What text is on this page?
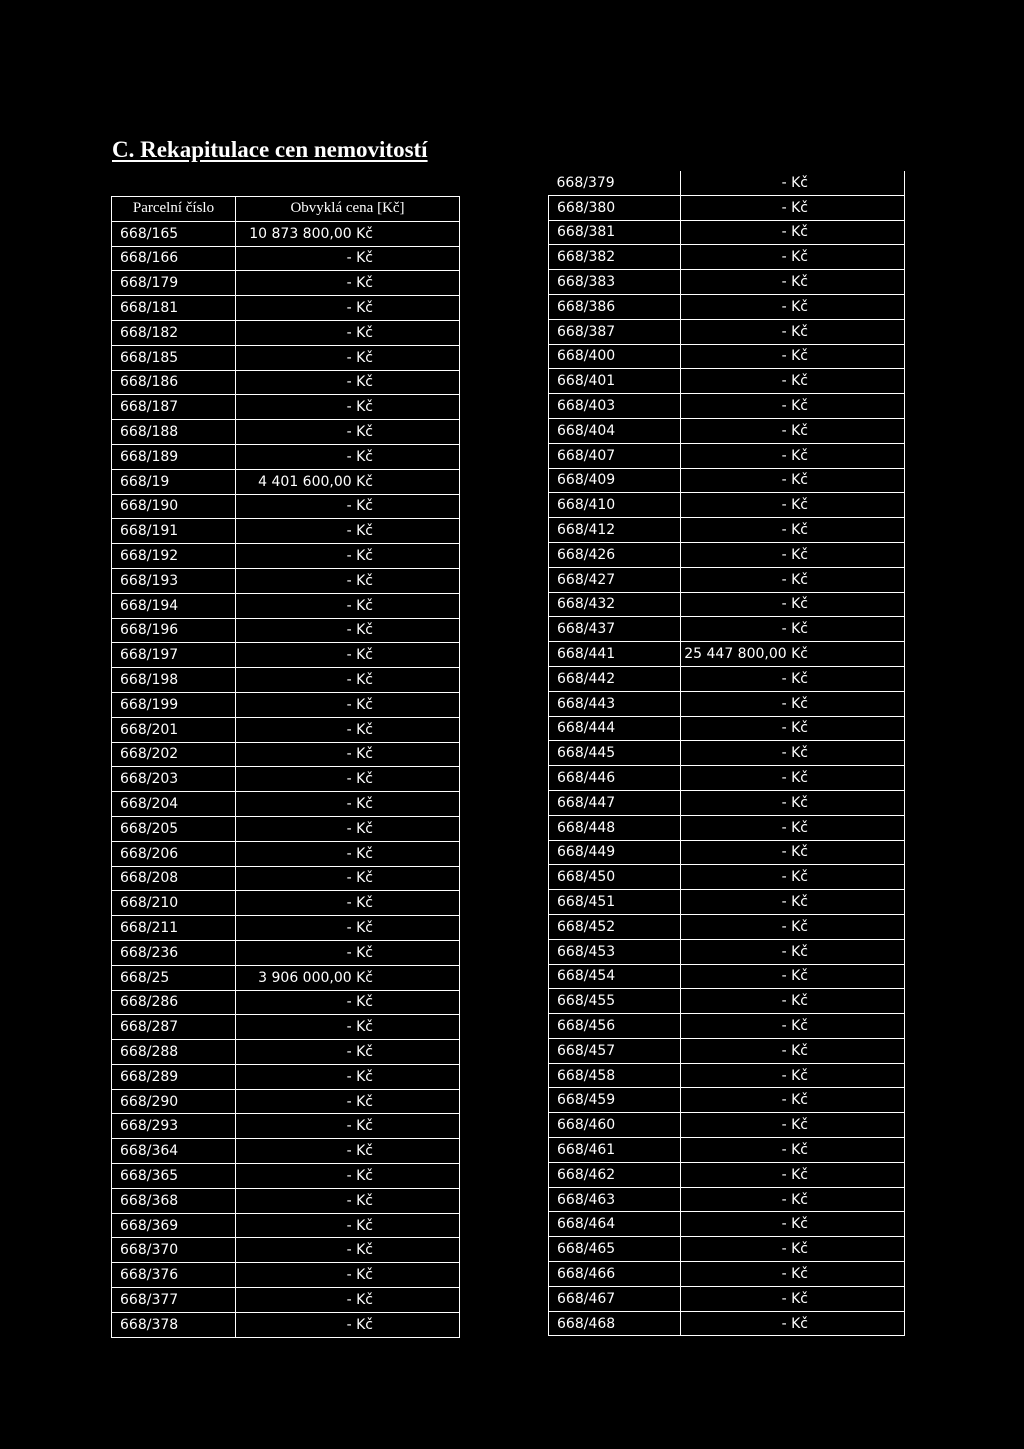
C. Rekapitulace cen nemovitostí
Parcelní číslo	Obvyklá cena [Kč]
668/165	10 873 800,00 Kč
668/166	- Kč
668/179	- Kč
668/181	- Kč
668/182	- Kč
668/185	- Kč
668/186	- Kč
668/187	- Kč
668/188	- Kč
668/189	- Kč
668/19	4 401 600,00 Kč
668/190	- Kč
668/191	- Kč
668/192	- Kč
668/193	- Kč
668/194	- Kč
668/196	- Kč
668/197	- Kč
668/198	- Kč
668/199	- Kč
668/201	- Kč
668/202	- Kč
668/203	- Kč
668/204	- Kč
668/205	- Kč
668/206	- Kč
668/208	- Kč
668/210	- Kč
668/211	- Kč
668/236	- Kč
668/25	3 906 000,00 Kč
668/286	- Kč
668/287	- Kč
668/288	- Kč
668/289	- Kč
668/290	- Kč
668/293	- Kč
668/364	- Kč
668/365	- Kč
668/368	- Kč
668/369	- Kč
668/370	- Kč
668/376	- Kč
668/377	- Kč
668/378	- Kč
668/379	- Kč
668/380	- Kč
668/381	- Kč
668/382	- Kč
668/383	- Kč
668/386	- Kč
668/387	- Kč
668/400	- Kč
668/401	- Kč
668/403	- Kč
668/404	- Kč
668/407	- Kč
668/409	- Kč
668/410	- Kč
668/412	- Kč
668/426	- Kč
668/427	- Kč
668/432	- Kč
668/437	- Kč
668/441	25 447 800,00 Kč
668/442	- Kč
668/443	- Kč
668/444	- Kč
668/445	- Kč
668/446	- Kč
668/447	- Kč
668/448	- Kč
668/449	- Kč
668/450	- Kč
668/451	- Kč
668/452	- Kč
668/453	- Kč
668/454	- Kč
668/455	- Kč
668/456	- Kč
668/457	- Kč
668/458	- Kč
668/459	- Kč
668/460	- Kč
668/461	- Kč
668/462	- Kč
668/463	- Kč
668/464	- Kč
668/465	- Kč
668/466	- Kč
668/467	- Kč
668/468	- Kč
